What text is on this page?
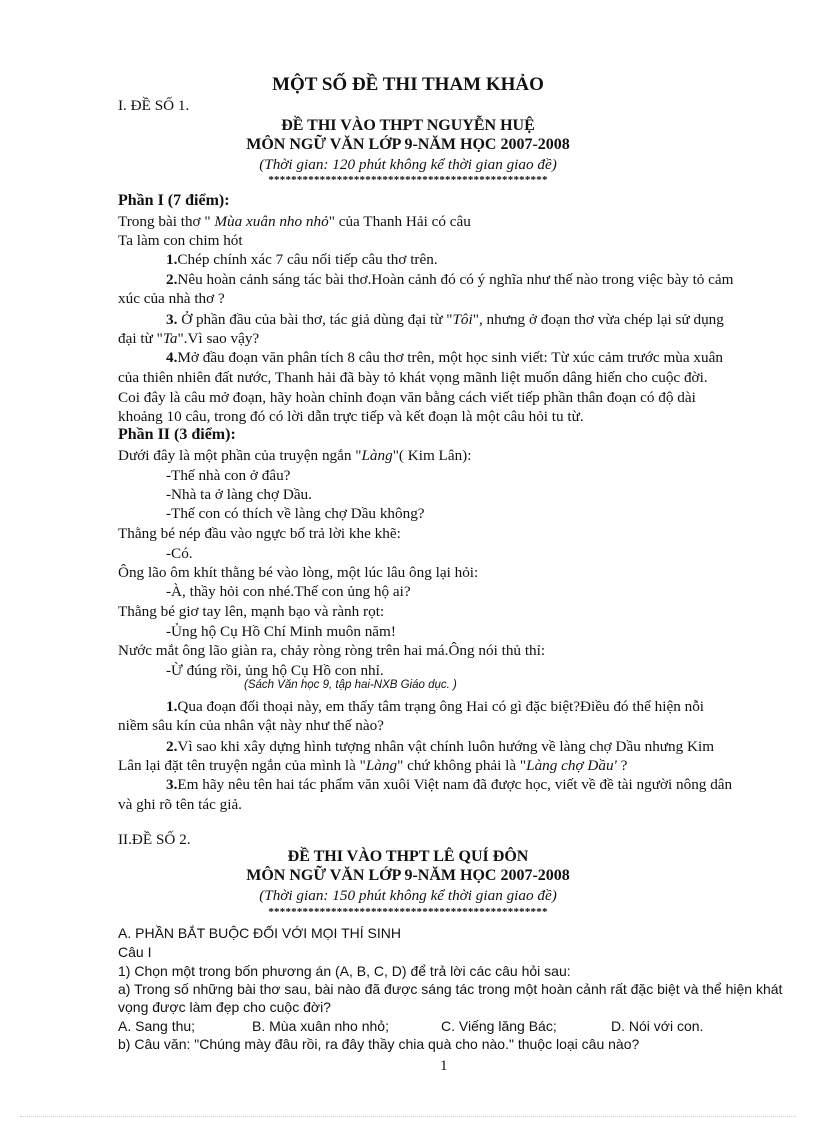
MỘT SỐ ĐỀ THI THAM KHẢO
I. ĐỀ SỐ 1.
ĐỀ THI VÀO THPT NGUYỄN HUỆ
MÔN NGỮ VĂN LỚP 9-NĂM HỌC 2007-2008
(Thời gian: 120 phút không kể thời gian giao đề)
*************************************************
Phần I (7 điểm):
Trong bài thơ " Mùa xuân nho nhỏ" của Thanh Hải có câu
Ta làm con chim hót
1.Chép chính xác 7 câu nối tiếp câu thơ trên.
2.Nêu hoàn cảnh sáng tác bài thơ.Hoàn cảnh đó có ý nghĩa như thế nào trong việc bày tỏ cảm
xúc của nhà thơ ?
3. Ở phần đầu của bài thơ, tác giả dùng đại từ "Tôi", nhưng ở đoạn thơ vừa chép lại sử dụng
đại từ "Ta".Vì sao vậy?
4.Mở đầu đoạn văn phân tích 8 câu thơ trên, một học sinh viết: Từ xúc cảm trước mùa xuân
của thiên nhiên đất nước, Thanh hải đã bày tỏ khát vọng mãnh liệt muốn dâng hiến cho cuộc đời.
Coi đây là câu mở đoạn, hãy hoàn chỉnh đoạn văn bằng cách viết tiếp phần thân đoạn có độ dài
khoảng 10 câu, trong đó có lời dẫn trực tiếp và kết đoạn là một câu hỏi tu từ.
Phần II (3 điểm):
Dưới đây là một phần của truyện ngắn "Làng"( Kim Lân):
-Thế nhà con ở đâu?
-Nhà ta ở làng chợ Dầu.
-Thế con có thích về làng chợ Dầu không?
Thằng bé nép đầu vào ngực bố trả lời khe khẽ:
-Có.
Ông lão ôm khít thằng bé vào lòng, một lúc lâu ông lại hỏi:
-À, thầy hỏi con nhé.Thế con ủng hộ ai?
Thằng bé giơ tay lên, mạnh bạo và rành rọt:
-Ủng hộ Cụ Hồ Chí Minh muôn năm!
Nước mắt ông lão giàn ra, chảy ròng ròng trên hai má.Ông nói thủ thỉ:
-Ừ đúng rồi, ủng hộ Cụ Hồ con nhỉ.
(Sách Văn học 9, tập hai-NXB Giáo dục. )
1.Qua đoạn đối thoại này, em thấy tâm trạng ông Hai có gì đặc biệt?Điều đó thể hiện nỗi
niềm sâu kín của nhân vật này như thế nào?
2.Vì sao khi xây dựng hình tượng nhân vật chính luôn hướng về làng chợ Dầu nhưng Kim
Lân lại đặt tên truyện ngắn của mình là "Làng" chứ không phải là "Làng chợ Dầu' ?
3.Em hãy nêu tên hai tác phẩm văn xuôi Việt nam đã được học, viết về đề tài người nông dân
và ghi rõ tên tác giả.
II.ĐỀ SỐ 2.
ĐỀ THI VÀO THPT LÊ QUÍ ĐÔN
MÔN NGỮ VĂN LỚP 9-NĂM HỌC 2007-2008
(Thời gian: 150 phút không kể thời gian giao đề)
*************************************************
A. PHẦN BẮT BUỘC ĐỐI VỚI MỌI THÍ SINH
Câu I
1) Chọn một trong bốn phương án (A, B, C, D) để trả lời các câu hỏi sau:
a) Trong số những bài thơ sau, bài nào đã được sáng tác trong một hoàn cảnh rất đặc biệt và thể hiện khát
vọng được làm đẹp cho cuộc đời?
A. Sang thu;	B. Mùa xuân nho nhỏ;	C. Viếng lăng Bác;	D. Nói với con.
b) Câu văn: "Chúng mày đâu rồi, ra đây thầy chia quà cho nào." thuộc loại câu nào?
1
